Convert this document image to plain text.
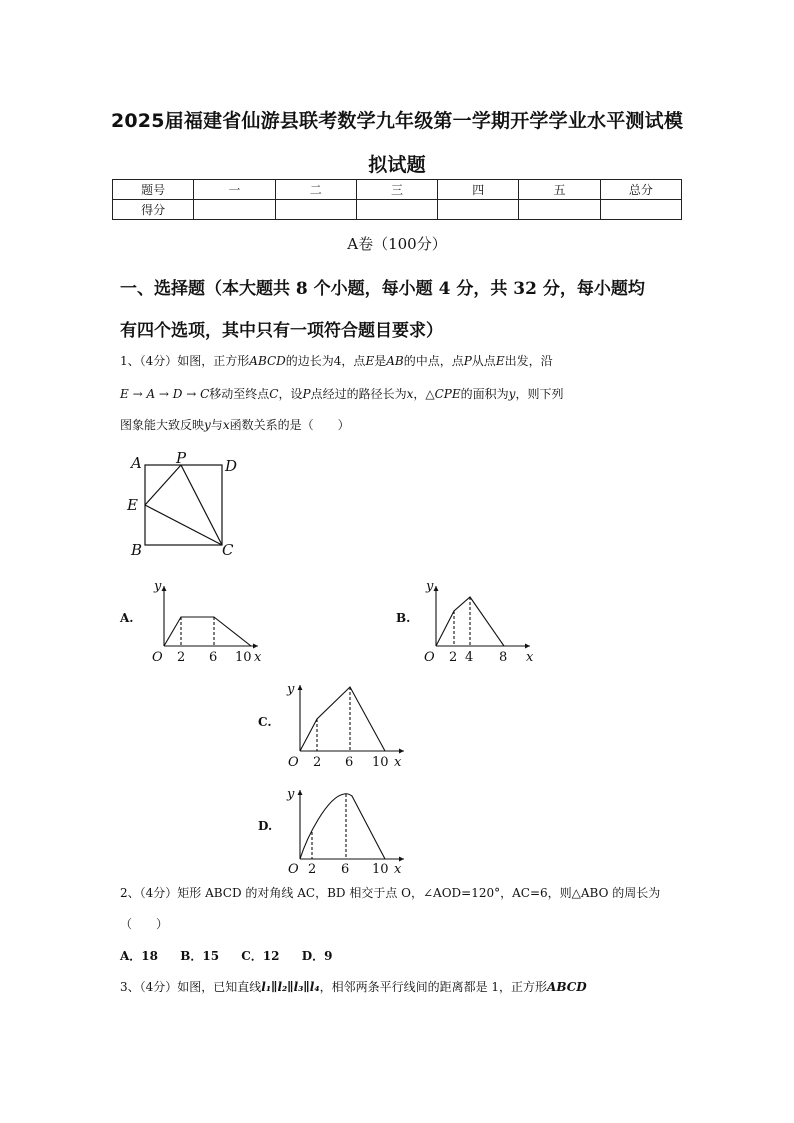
2025届福建省仙游县联考数学九年级第一学期开学学业水平测试模
拟试题
题号	一	二	三	四	五	总分
得分						
A卷（100分）
一、选择题（本大题共 8 个小题，每小题 4 分，共 32 分，每小题均
有四个选项，其中只有一项符合题目要求）
1、（4分）如图，正方形ABCD的边长为4，点E是AB的中点，点P从点E出发，沿
E → A → D → C移动至终点C，设P点经过的路径长为x，△CPE的面积为y，则下列
图象能大致反映y与x函数关系的是（　　）
A P	D
E
B	C
A.
O
y
x
2 6 10
B.
O
y
x
2 4 8
C.
O
y
x
2 6 10
D.
O
y
x
2 6 10
2、（4分）矩形 ABCD 的对角线 AC，BD 相交于点 O，∠AOD=120°，AC=6，则△ABO 的周长为
（　　）
A．18 B．15 C．12 D．9
3、（4分）如图，已知直线l₁∥l₂∥l₃∥l₄，相邻两条平行线间的距离都是 1，正方形ABCD
